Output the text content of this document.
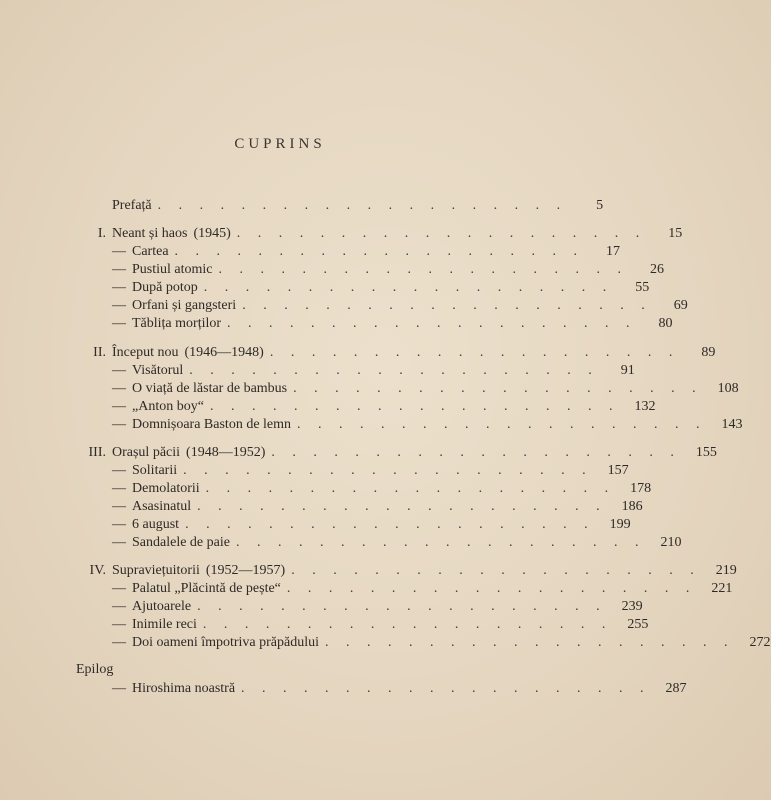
CUPRINS
Prefață . . . . . . . . . . . . . . . . . . . .	5
I. Neant și haos (1945) . . . . . . . . . . . . . . . . . . . .	15
— Cartea . . . . . . . . . . . . . . . . . . . .	17
— Pustiul atomic . . . . . . . . . . . . . . . . . . . .	26
— După potop . . . . . . . . . . . . . . . . . . . .	55
— Orfani și gangsteri . . . . . . . . . . . . . . . . . . . .	69
— Tăblița morților . . . . . . . . . . . . . . . . . . . .	80
II. Început nou (1946—1948) . . . . . . . . . . . . . . . . . . . .	89
— Visătorul . . . . . . . . . . . . . . . . . . . .	91
— O viață de lăstar de bambus . . . . . . . . . . . . . . . . . . . .	108
— „Anton boy“ . . . . . . . . . . . . . . . . . . . .	132
— Domnișoara Baston de lemn . . . . . . . . . . . . . . . . . . . .	143
III. Orașul păcii (1948—1952) . . . . . . . . . . . . . . . . . . . .	155
— Solitarii . . . . . . . . . . . . . . . . . . . .	157
— Demolatorii . . . . . . . . . . . . . . . . . . . .	178
— Asasinatul . . . . . . . . . . . . . . . . . . . .	186
— 6 august . . . . . . . . . . . . . . . . . . . .	199
— Sandalele de paie . . . . . . . . . . . . . . . . . . . .	210
IV. Supraviețuitorii (1952—1957) . . . . . . . . . . . . . . . . . . . .	219
— Palatul „Plăcintă de pește“ . . . . . . . . . . . . . . . . . . . .	221
— Ajutoarele . . . . . . . . . . . . . . . . . . . .	239
— Inimile reci . . . . . . . . . . . . . . . . . . . .	255
— Doi oameni împotriva prăpădului . . . . . . . . . . . . . . . . . . . .	272
Epilog
— Hiroshima noastră . . . . . . . . . . . . . . . . . . . .	287
